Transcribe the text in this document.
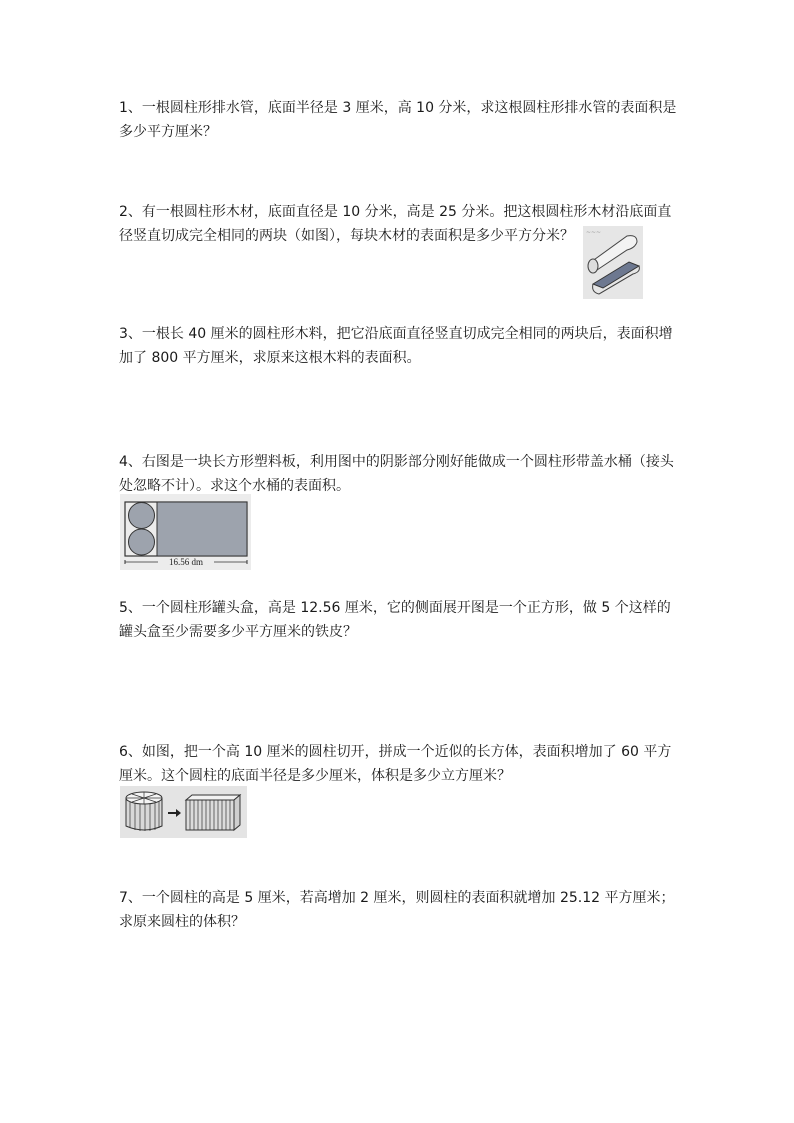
1、一根圆柱形排水管，底面半径是 3 厘米，高 10 分米，求这根圆柱形排水管的表面积是多少平方厘米？

2、有一根圆柱形木材，底面直径是 10 分米，高是 25 分米。把这根圆柱形木材沿底面直径竖直切成完全相同的两块（如图），每块木材的表面积是多少平方分米？	~~~

3、一根长 40 厘米的圆柱形木料，把它沿底面直径竖直切成完全相同的两块后，表面积增加了 800 平方厘米，求原来这根木料的表面积。

4、右图是一块长方形塑料板，利用图中的阴影部分刚好能做成一个圆柱形带盖水桶（接头处忽略不计）。求这个水桶的表面积。

16.56 dm

5、一个圆柱形罐头盒，高是 12.56 厘米，它的侧面展开图是一个正方形，做 5 个这样的罐头盒至少需要多少平方厘米的铁皮？

6、如图，把一个高 10 厘米的圆柱切开，拼成一个近似的长方体，表面积增加了 60 平方厘米。这个圆柱的底面半径是多少厘米，体积是多少立方厘米？

7、一个圆柱的高是 5 厘米，若高增加 2 厘米，则圆柱的表面积就增加 25.12 平方厘米；求原来圆柱的体积？
